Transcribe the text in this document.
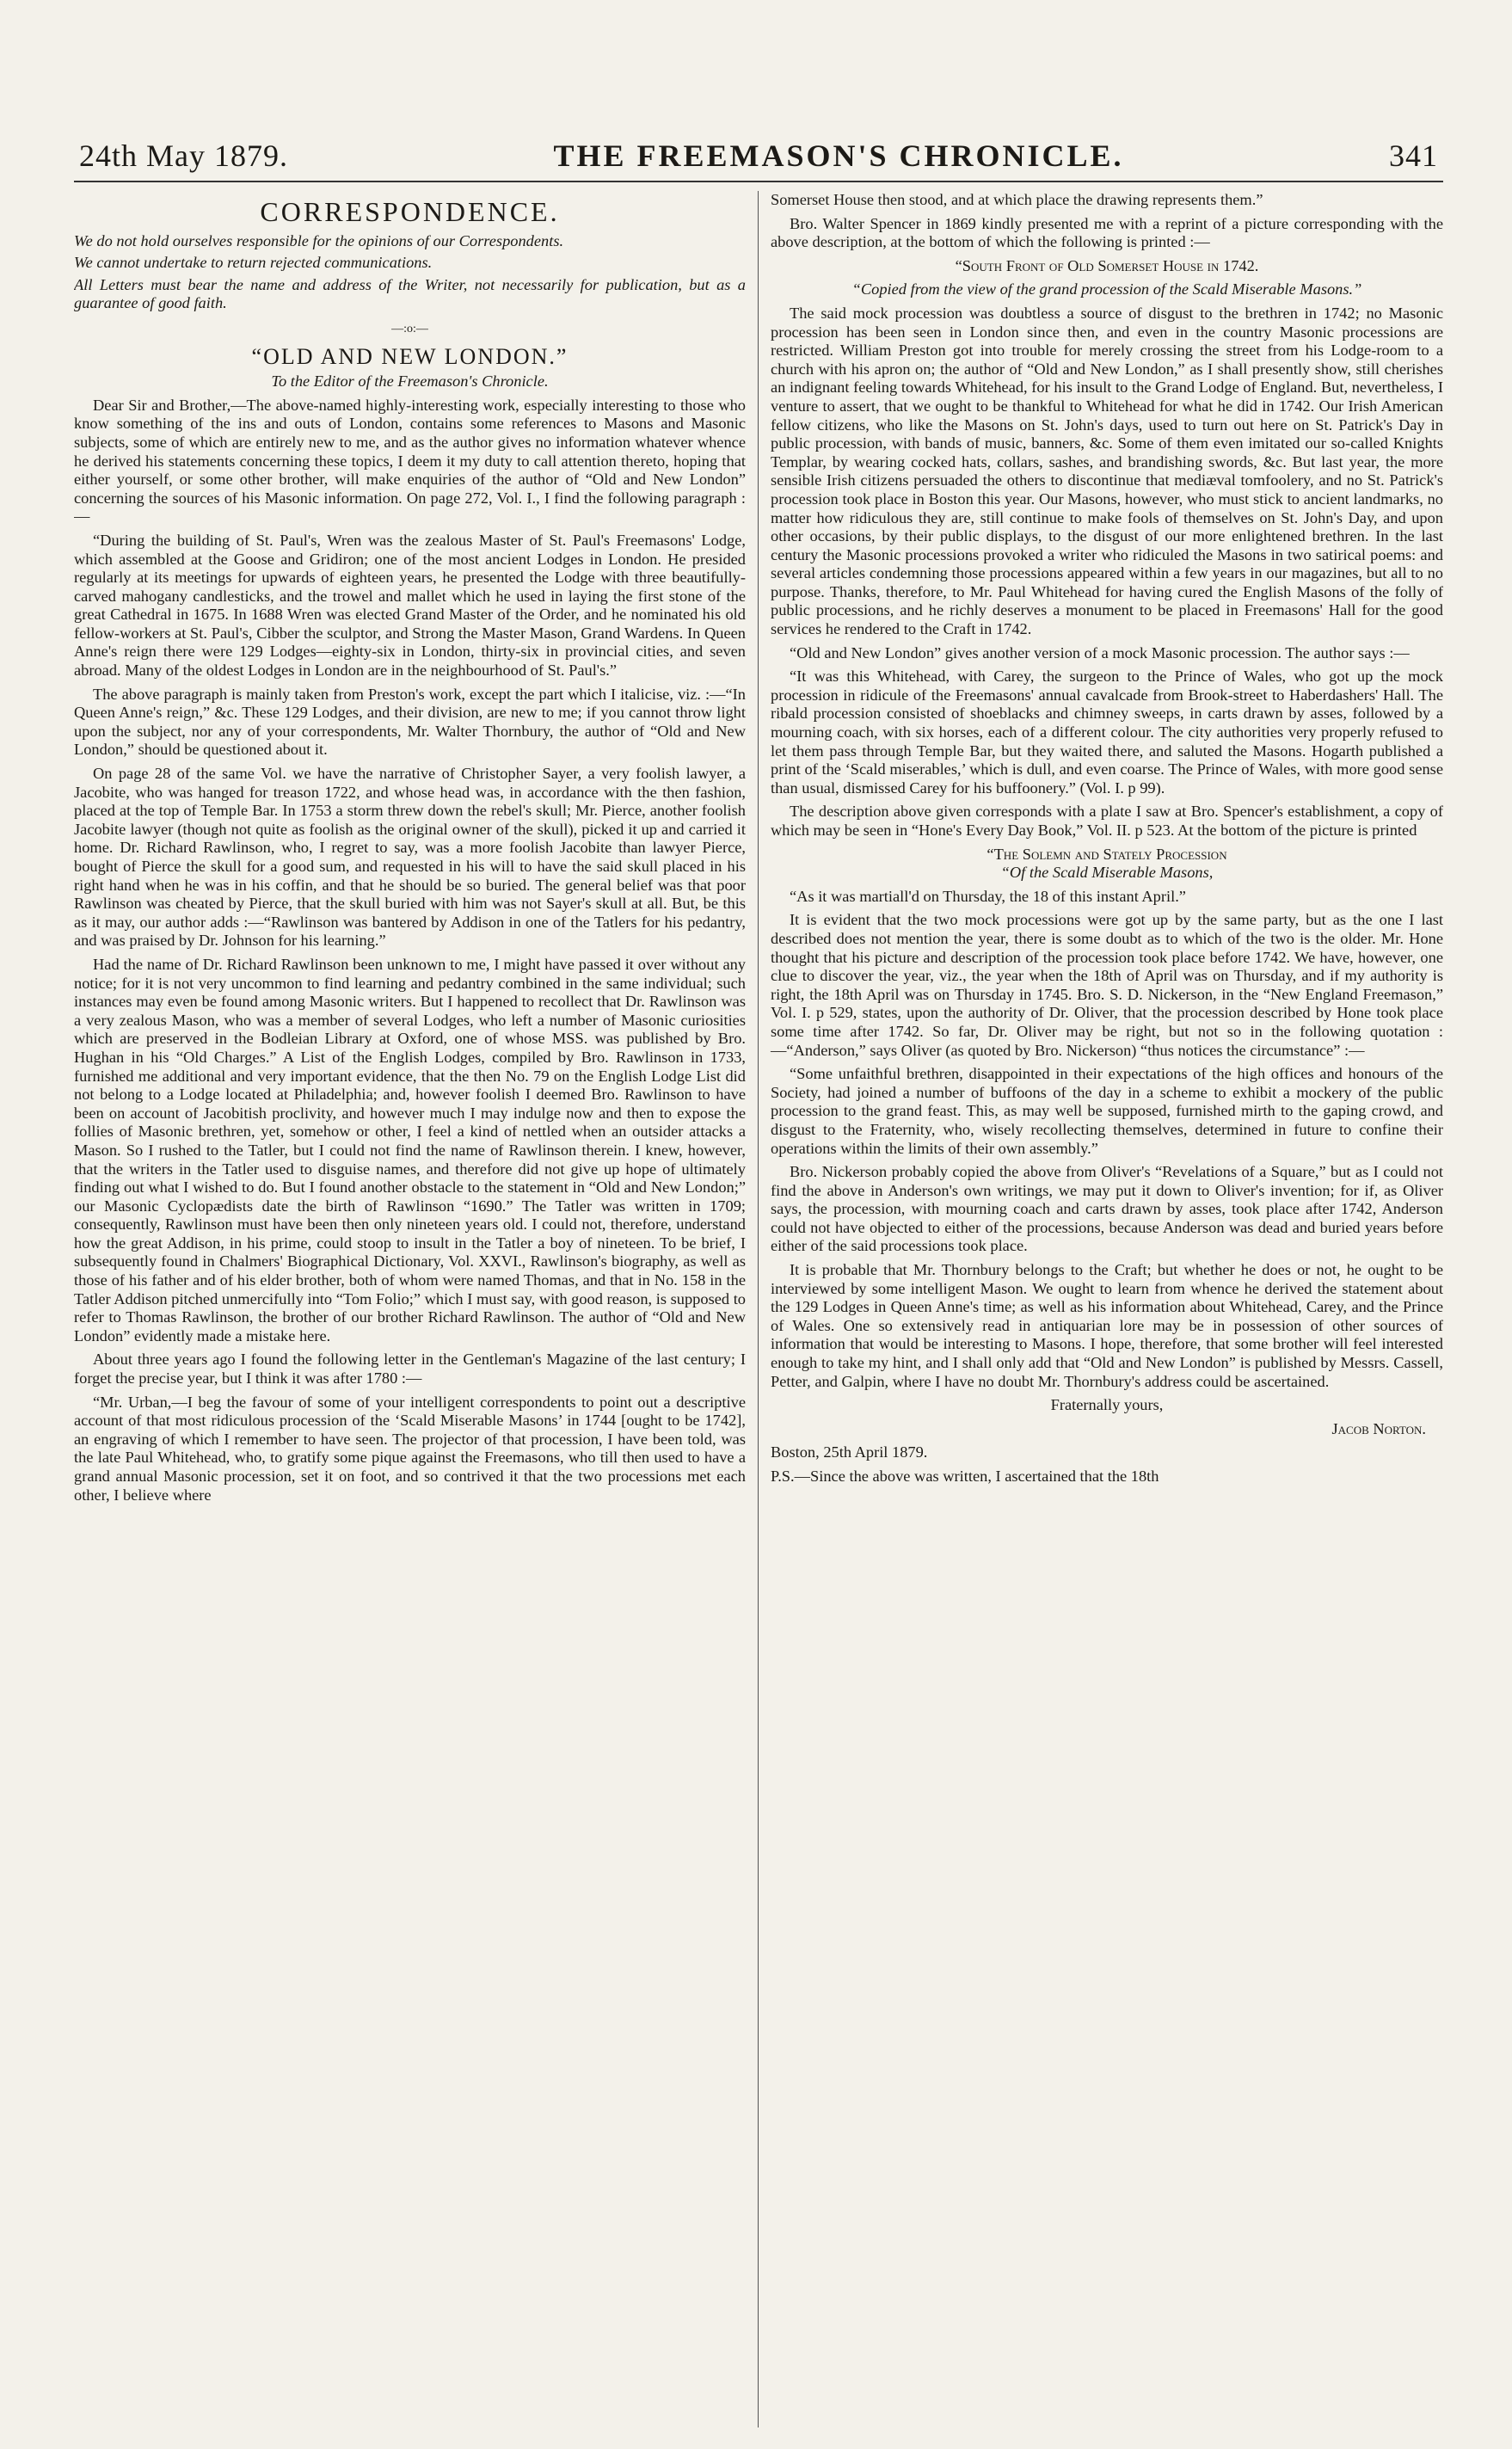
24th May 1879.	THE FREEMASON'S CHRONICLE.	341
CORRESPONDENCE.

We do not hold ourselves responsible for the opinions of our Correspondents.

We cannot undertake to return rejected communications.

All Letters must bear the name and address of the Writer, not necessarily for publication, but as a guarantee of good faith.

—:o:—
“OLD AND NEW LONDON.”
To the Editor of the Freemason's Chronicle.

Dear Sir and Brother,—The above-named highly-interesting work, especially interesting to those who know something of the ins and outs of London, contains some references to Masons and Masonic subjects, some of which are entirely new to me, and as the author gives no information whatever whence he derived his statements concerning these topics, I deem it my duty to call attention thereto, hoping that either yourself, or some other brother, will make enquiries of the author of “Old and New London” concerning the sources of his Masonic information. On page 272, Vol. I., I find the following paragraph :—

“During the building of St. Paul's, Wren was the zealous Master of St. Paul's Freemasons' Lodge, which assembled at the Goose and Gridiron; one of the most ancient Lodges in London. He presided regularly at its meetings for upwards of eighteen years, he presented the Lodge with three beautifully-carved mahogany candlesticks, and the trowel and mallet which he used in laying the first stone of the great Cathedral in 1675. In 1688 Wren was elected Grand Master of the Order, and he nominated his old fellow-workers at St. Paul's, Cibber the sculptor, and Strong the Master Mason, Grand Wardens. In Queen Anne's reign there were 129 Lodges—eighty-six in London, thirty-six in provincial cities, and seven abroad. Many of the oldest Lodges in London are in the neighbourhood of St. Paul's.”

The above paragraph is mainly taken from Preston's work, except the part which I italicise, viz. :—“In Queen Anne's reign,” &c. These 129 Lodges, and their division, are new to me; if you cannot throw light upon the subject, nor any of your correspondents, Mr. Walter Thornbury, the author of “Old and New London,” should be questioned about it.

On page 28 of the same Vol. we have the narrative of Christopher Sayer, a very foolish lawyer, a Jacobite, who was hanged for treason 1722, and whose head was, in accordance with the then fashion, placed at the top of Temple Bar. In 1753 a storm threw down the rebel's skull; Mr. Pierce, another foolish Jacobite lawyer (though not quite as foolish as the original owner of the skull), picked it up and carried it home. Dr. Richard Rawlinson, who, I regret to say, was a more foolish Jacobite than lawyer Pierce, bought of Pierce the skull for a good sum, and requested in his will to have the said skull placed in his right hand when he was in his coffin, and that he should be so buried. The general belief was that poor Rawlinson was cheated by Pierce, that the skull buried with him was not Sayer's skull at all. But, be this as it may, our author adds :—“Rawlinson was bantered by Addison in one of the Tatlers for his pedantry, and was praised by Dr. Johnson for his learning.”

Had the name of Dr. Richard Rawlinson been unknown to me, I might have passed it over without any notice; for it is not very uncommon to find learning and pedantry combined in the same individual; such instances may even be found among Masonic writers. But I happened to recollect that Dr. Rawlinson was a very zealous Mason, who was a member of several Lodges, who left a number of Masonic curiosities which are preserved in the Bodleian Library at Oxford, one of whose MSS. was published by Bro. Hughan in his “Old Charges.” A List of the English Lodges, compiled by Bro. Rawlinson in 1733, furnished me additional and very important evidence, that the then No. 79 on the English Lodge List did not belong to a Lodge located at Philadelphia; and, however foolish I deemed Bro. Rawlinson to have been on account of Jacobitish proclivity, and however much I may indulge now and then to expose the follies of Masonic brethren, yet, somehow or other, I feel a kind of nettled when an outsider attacks a Mason. So I rushed to the Tatler, but I could not find the name of Rawlinson therein. I knew, however, that the writers in the Tatler used to disguise names, and therefore did not give up hope of ultimately finding out what I wished to do. But I found another obstacle to the statement in “Old and New London;” our Masonic Cyclopædists date the birth of Rawlinson “1690.” The Tatler was written in 1709; consequently, Rawlinson must have been then only nineteen years old. I could not, therefore, understand how the great Addison, in his prime, could stoop to insult in the Tatler a boy of nineteen. To be brief, I subsequently found in Chalmers' Biographical Dictionary, Vol. XXVI., Rawlinson's biography, as well as those of his father and of his elder brother, both of whom were named Thomas, and that in No. 158 in the Tatler Addison pitched unmercifully into “Tom Folio;” which I must say, with good reason, is supposed to refer to Thomas Rawlinson, the brother of our brother Richard Rawlinson. The author of “Old and New London” evidently made a mistake here.

About three years ago I found the following letter in the Gentleman's Magazine of the last century; I forget the precise year, but I think it was after 1780 :—

“Mr. Urban,—I beg the favour of some of your intelligent correspondents to point out a descriptive account of that most ridiculous procession of the ‘Scald Miserable Masons’ in 1744 [ought to be 1742], an engraving of which I remember to have seen. The projector of that procession, I have been told, was the late Paul Whitehead, who, to gratify some pique against the Freemasons, who till then used to have a grand annual Masonic procession, set it on foot, and so contrived it that the two processions met each other, I believe where

Somerset House then stood, and at which place the drawing represents them.”

Bro. Walter Spencer in 1869 kindly presented me with a reprint of a picture corresponding with the above description, at the bottom of which the following is printed :—

“South Front of Old Somerset House in 1742.

“Copied from the view of the grand procession of the Scald Miserable Masons.”

The said mock procession was doubtless a source of disgust to the brethren in 1742; no Masonic procession has been seen in London since then, and even in the country Masonic processions are restricted. William Preston got into trouble for merely crossing the street from his Lodge-room to a church with his apron on; the author of “Old and New London,” as I shall presently show, still cherishes an indignant feeling towards Whitehead, for his insult to the Grand Lodge of England. But, nevertheless, I venture to assert, that we ought to be thankful to Whitehead for what he did in 1742. Our Irish American fellow citizens, who like the Masons on St. John's days, used to turn out here on St. Patrick's Day in public procession, with bands of music, banners, &c. Some of them even imitated our so-called Knights Templar, by wearing cocked hats, collars, sashes, and brandishing swords, &c. But last year, the more sensible Irish citizens persuaded the others to discontinue that mediæval tomfoolery, and no St. Patrick's procession took place in Boston this year. Our Masons, however, who must stick to ancient landmarks, no matter how ridiculous they are, still continue to make fools of themselves on St. John's Day, and upon other occasions, by their public displays, to the disgust of our more enlightened brethren. In the last century the Masonic processions provoked a writer who ridiculed the Masons in two satirical poems: and several articles condemning those processions appeared within a few years in our magazines, but all to no purpose. Thanks, therefore, to Mr. Paul Whitehead for having cured the English Masons of the folly of public processions, and he richly deserves a monument to be placed in Freemasons' Hall for the good services he rendered to the Craft in 1742.

“Old and New London” gives another version of a mock Masonic procession. The author says :—

“It was this Whitehead, with Carey, the surgeon to the Prince of Wales, who got up the mock procession in ridicule of the Freemasons' annual cavalcade from Brook-street to Haberdashers' Hall. The ribald procession consisted of shoeblacks and chimney sweeps, in carts drawn by asses, followed by a mourning coach, with six horses, each of a different colour. The city authorities very properly refused to let them pass through Temple Bar, but they waited there, and saluted the Masons. Hogarth published a print of the ‘Scald miserables,’ which is dull, and even coarse. The Prince of Wales, with more good sense than usual, dismissed Carey for his buffoonery.” (Vol. I. p 99).

The description above given corresponds with a plate I saw at Bro. Spencer's establishment, a copy of which may be seen in “Hone's Every Day Book,” Vol. II. p 523. At the bottom of the picture is printed

“The Solemn and Stately Procession

“Of the Scald Miserable Masons,

“As it was martiall'd on Thursday, the 18 of this instant April.”

It is evident that the two mock processions were got up by the same party, but as the one I last described does not mention the year, there is some doubt as to which of the two is the older. Mr. Hone thought that his picture and description of the procession took place before 1742. We have, however, one clue to discover the year, viz., the year when the 18th of April was on Thursday, and if my authority is right, the 18th April was on Thursday in 1745. Bro. S. D. Nickerson, in the “New England Freemason,” Vol. I. p 529, states, upon the authority of Dr. Oliver, that the procession described by Hone took place some time after 1742. So far, Dr. Oliver may be right, but not so in the following quotation :—“Anderson,” says Oliver (as quoted by Bro. Nickerson) “thus notices the circumstance” :—

“Some unfaithful brethren, disappointed in their expectations of the high offices and honours of the Society, had joined a number of buffoons of the day in a scheme to exhibit a mockery of the public procession to the grand feast. This, as may well be supposed, furnished mirth to the gaping crowd, and disgust to the Fraternity, who, wisely recollecting themselves, determined in future to confine their operations within the limits of their own assembly.”

Bro. Nickerson probably copied the above from Oliver's “Revelations of a Square,” but as I could not find the above in Anderson's own writings, we may put it down to Oliver's invention; for if, as Oliver says, the procession, with mourning coach and carts drawn by asses, took place after 1742, Anderson could not have objected to either of the processions, because Anderson was dead and buried years before either of the said processions took place.

It is probable that Mr. Thornbury belongs to the Craft; but whether he does or not, he ought to be interviewed by some intelligent Mason. We ought to learn from whence he derived the statement about the 129 Lodges in Queen Anne's time; as well as his information about Whitehead, Carey, and the Prince of Wales. One so extensively read in antiquarian lore may be in possession of other sources of information that would be interesting to Masons. I hope, therefore, that some brother will feel interested enough to take my hint, and I shall only add that “Old and New London” is published by Messrs. Cassell, Petter, and Galpin, where I have no doubt Mr. Thornbury's address could be ascertained.

Fraternally yours,

Jacob Norton.

Boston, 25th April 1879.

P.S.—Since the above was written, I ascertained that the 18th
